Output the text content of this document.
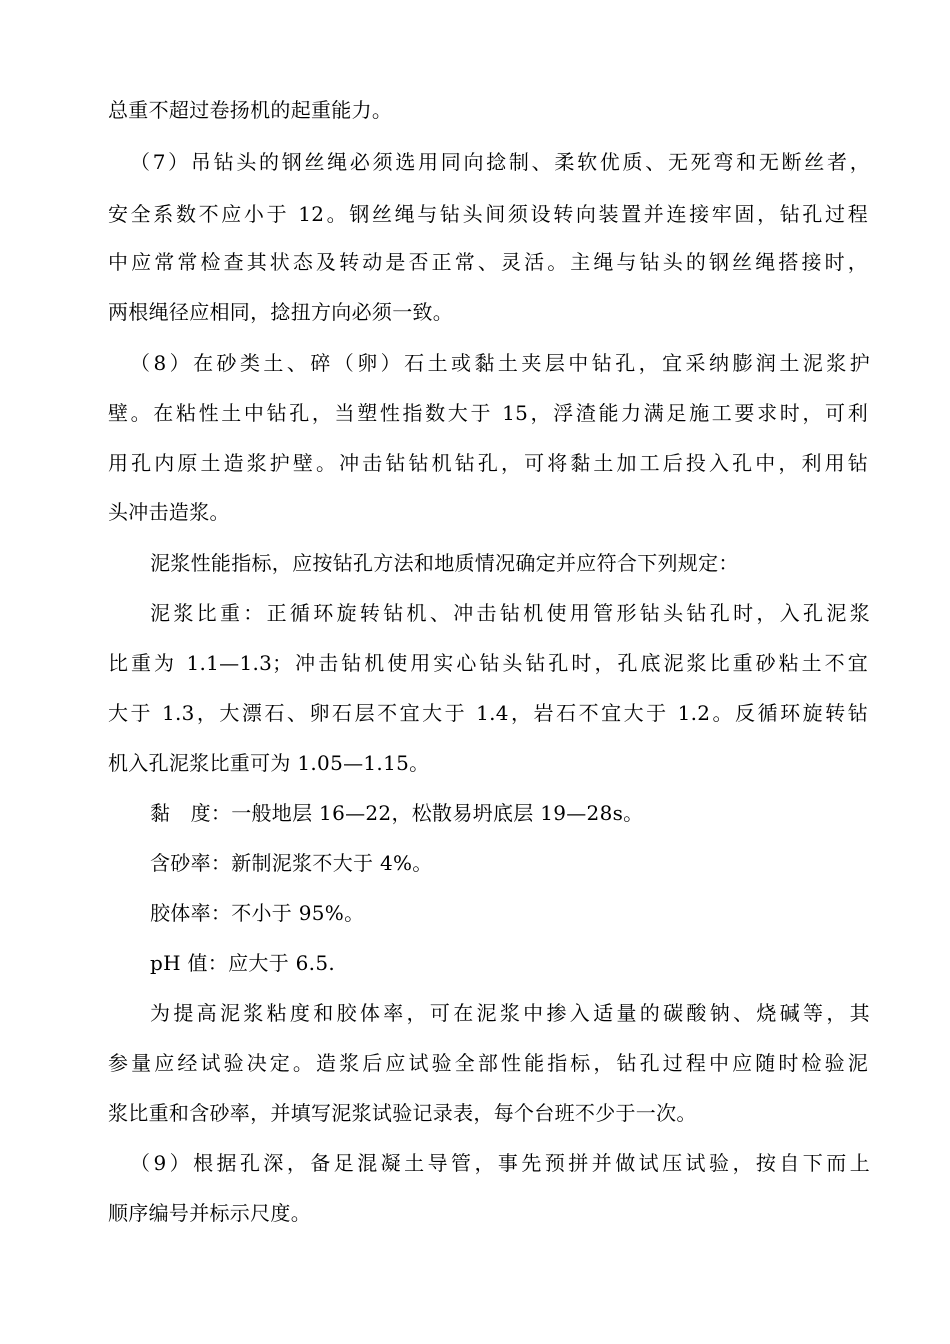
总重不超过卷扬机的起重能力。
（7）吊钻头的钢丝绳必须选用同向捻制、柔软优质、无死弯和无断丝者，
安全系数不应小于 12。钢丝绳与钻头间须设转向装置并连接牢固，钻孔过程
中应常常检查其状态及转动是否正常、灵活。主绳与钻头的钢丝绳搭接时，
两根绳径应相同，捻扭方向必须一致。
（8）在砂类土、碎（卵）石土或黏土夹层中钻孔，宜采纳膨润土泥浆护
壁。在粘性土中钻孔，当塑性指数大于 15，浮渣能力满足施工要求时，可利
用孔内原土造浆护壁。冲击钻钻机钻孔，可将黏土加工后投入孔中，利用钻
头冲击造浆。
泥浆性能指标，应按钻孔方法和地质情况确定并应符合下列规定：
泥浆比重：正循环旋转钻机、冲击钻机使用管形钻头钻孔时，入孔泥浆
比重为 1.1—1.3；冲击钻机使用实心钻头钻孔时，孔底泥浆比重砂粘土不宜
大于 1.3，大漂石、卵石层不宜大于 1.4，岩石不宜大于 1.2。反循环旋转钻
机入孔泥浆比重可为 1.05—1.15。
黏　度：一般地层 16—22，松散易坍底层 19—28s。
含砂率：新制泥浆不大于 4%。
胶体率：不小于 95%。
pH 值：应大于 6.5.
为提高泥浆粘度和胶体率，可在泥浆中掺入适量的碳酸钠、烧碱等，其
参量应经试验决定。造浆后应试验全部性能指标，钻孔过程中应随时检验泥
浆比重和含砂率，并填写泥浆试验记录表，每个台班不少于一次。
（9）根据孔深，备足混凝土导管，事先预拼并做试压试验，按自下而上
顺序编号并标示尺度。
